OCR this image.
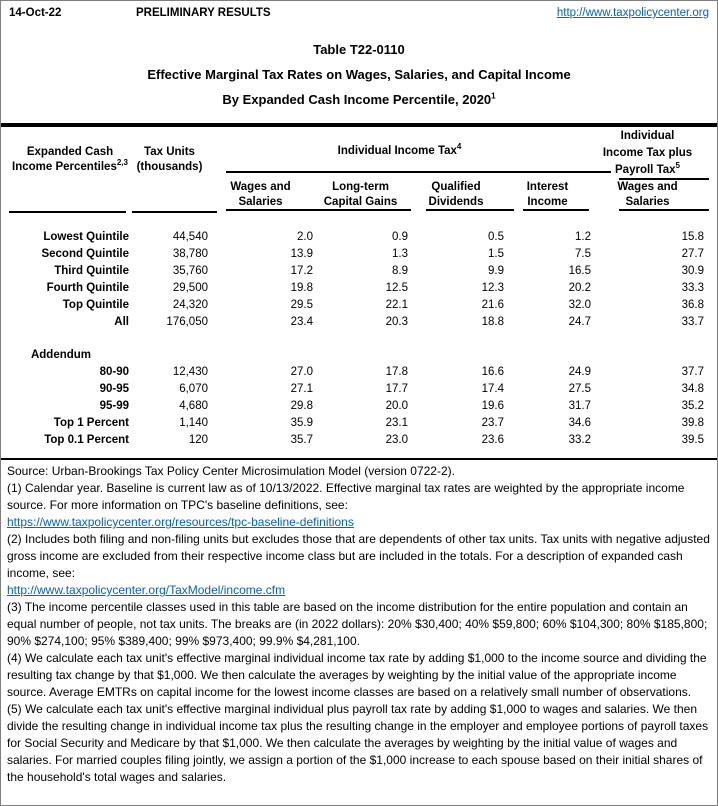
14-Oct-22	PRELIMINARY RESULTS	http://www.taxpolicycenter.org
Table T22-0110
Effective Marginal Tax Rates on Wages, Salaries, and Capital Income
By Expanded Cash Income Percentile, 2020$^1$
Expanded Cash Income Percentiles$^{2,3}$
Tax Units (thousands)
Individual Income Tax$^4$
Individual Income Tax plus Payroll Tax$^5$
Wages and Salaries
Long-term Capital Gains
Qualified Dividends
Interest Income
Wages and Salaries
Lowest Quintile	44,540	2.0	0.9	0.5	1.2	15.8
Second Quintile	38,780	13.9	1.3	1.5	7.5	27.7
Third Quintile	35,760	17.2	8.9	9.9	16.5	30.9
Fourth Quintile	29,500	19.8	12.5	12.3	20.2	33.3
Top Quintile	24,320	29.5	22.1	21.6	32.0	36.8
All	176,050	23.4	20.3	18.8	24.7	33.7
Addendum
80-90	12,430	27.0	17.8	16.6	24.9	37.7
90-95	6,070	27.1	17.7	17.4	27.5	34.8
95-99	4,680	29.8	20.0	19.6	31.7	35.2
Top 1 Percent	1,140	35.9	23.1	23.7	34.6	39.8
Top 0.1 Percent	120	35.7	23.0	23.6	33.2	39.5

Source: Urban-Brookings Tax Policy Center Microsimulation Model (version 0722-2).

(1) Calendar year. Baseline is current law as of 10/13/2022. Effective marginal tax rates are weighted by the appropriate income source. For more information on TPC's baseline definitions, see:

https://www.taxpolicycenter.org/resources/tpc-baseline-definitions

(2) Includes both filing and non-filing units but excludes those that are dependents of other tax units. Tax units with negative adjusted gross income are excluded from their respective income class but are included in the totals. For a description of expanded cash income, see:

http://www.taxpolicycenter.org/TaxModel/income.cfm

(3) The income percentile classes used in this table are based on the income distribution for the entire population and contain an equal number of people, not tax units. The breaks are (in 2022 dollars): 20% $30,400; 40% $59,800; 60% $104,300; 80% $185,800; 90% $274,100; 95% $389,400; 99% $973,400; 99.9% $4,281,100.

(4) We calculate each tax unit's effective marginal individual income tax rate by adding $1,000 to the income source and dividing the resulting tax change by that $1,000. We then calculate the averages by weighting by the initial value of the appropriate income source. Average EMTRs on capital income for the lowest income classes are based on a relatively small number of observations.

(5) We calculate each tax unit's effective marginal individual plus payroll tax rate by adding $1,000 to wages and salaries. We then divide the resulting change in individual income tax plus the resulting change in the employer and employee portions of payroll taxes for Social Security and Medicare by that $1,000. We then calculate the averages by weighting by the initial value of wages and salaries. For married couples filing jointly, we assign a portion of the $1,000 increase to each spouse based on their initial shares of the household's total wages and salaries.
